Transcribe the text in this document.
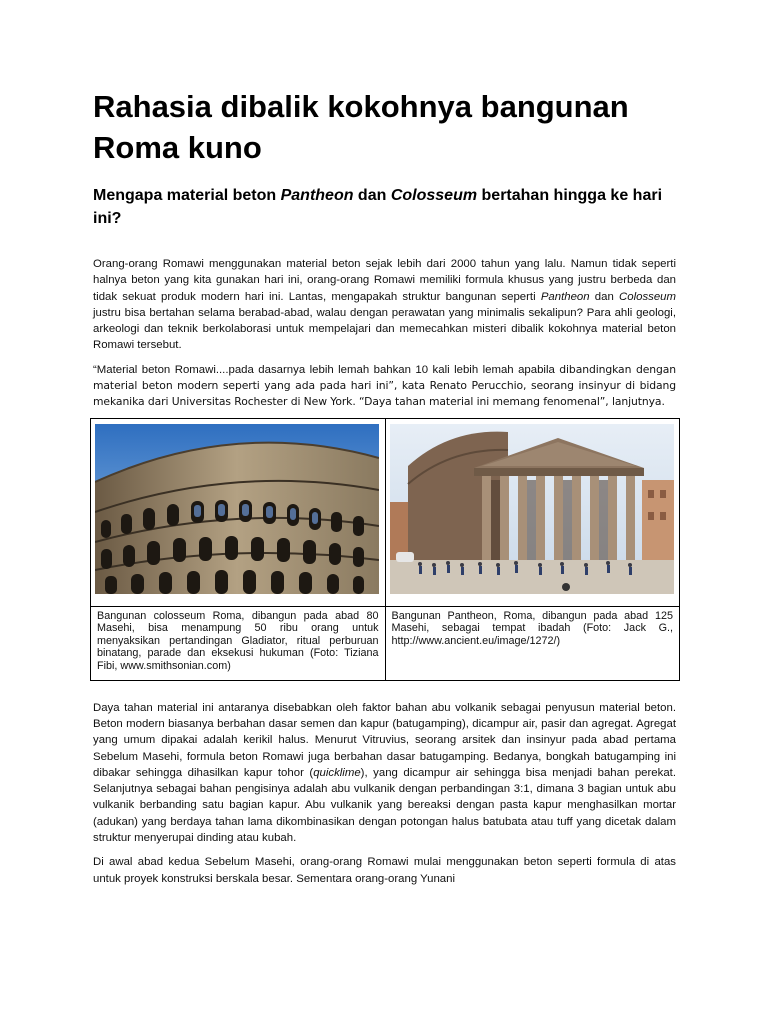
Rahasia dibalik kokohnya bangunan Roma kuno
Mengapa material beton Pantheon dan Colosseum bertahan hingga ke hari ini?

Orang-orang Romawi menggunakan material beton sejak lebih dari 2000 tahun yang lalu. Namun tidak seperti halnya beton yang kita gunakan hari ini, orang-orang Romawi memiliki formula khusus yang justru berbeda dan tidak sekuat produk modern hari ini. Lantas, mengapakah struktur bangunan seperti Pantheon dan Colosseum justru bisa bertahan selama berabad-abad, walau dengan perawatan yang minimalis sekalipun? Para ahli geologi, arkeologi dan teknik berkolaborasi untuk mempelajari dan memecahkan misteri dibalik kokohnya material beton Romawi tersebut.

“Material beton Romawi....pada dasarnya lebih lemah bahkan 10 kali lebih lemah apabila dibandingkan dengan material beton modern seperti yang ada pada hari ini”, kata Renato Perucchio, seorang insinyur di bidang mekanika dari Universitas Rochester di New York. “Daya tahan material ini memang fenomenal”, lanjutnya.

Bangunan colosseum Roma, dibangun pada abad 80 Masehi, bisa menampung 50 ribu orang untuk menyaksikan pertandingan Gladiator, ritual perburuan binatang, parade dan eksekusi hukuman (Foto: Tiziana Fibi, www.smithsonian.com)	Bangunan Pantheon, Roma, dibangun pada abad 125 Masehi, sebagai tempat ibadah (Foto: Jack G., http://www.ancient.eu/image/1272/)

Daya tahan material ini antaranya disebabkan oleh faktor bahan abu volkanik sebagai penyusun material beton. Beton modern biasanya berbahan dasar semen dan kapur (batugamping), dicampur air, pasir dan agregat. Agregat yang umum dipakai adalah kerikil halus. Menurut Vitruvius, seorang arsitek dan insinyur pada abad pertama Sebelum Masehi, formula beton Romawi juga berbahan dasar batugamping. Bedanya, bongkah batugamping ini dibakar sehingga dihasilkan kapur tohor (quicklime), yang dicampur air sehingga bisa menjadi bahan perekat. Selanjutnya sebagai bahan pengisinya adalah abu vulkanik dengan perbandingan 3:1, dimana 3 bagian untuk abu vulkanik berbanding satu bagian kapur. Abu vulkanik yang bereaksi dengan pasta kapur menghasilkan mortar (adukan) yang berdaya tahan lama dikombinasikan dengan potongan halus batubata atau tuff yang dicetak dalam struktur menyerupai dinding atau kubah.

Di awal abad kedua Sebelum Masehi, orang-orang Romawi mulai menggunakan beton seperti formula di atas untuk proyek konstruksi berskala besar. Sementara orang-orang Yunani
